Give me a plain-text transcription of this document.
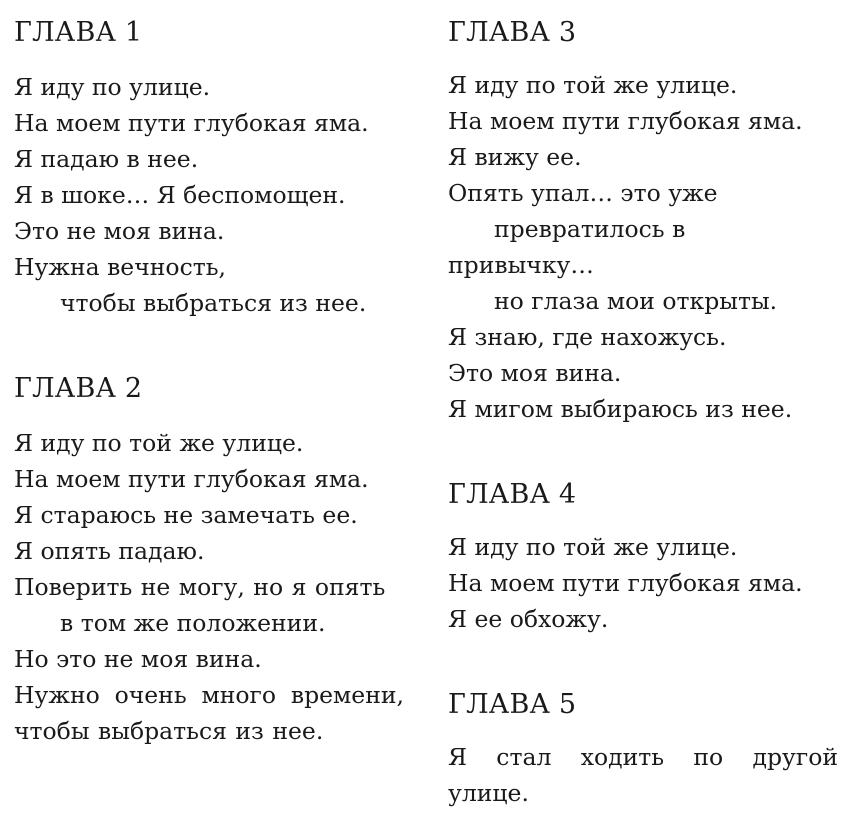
ГЛАВА 1

Я иду по улице.

На моем пути глубокая яма.

Я падаю в нее.

Я в шоке… Я беспомощен.

Это не моя вина.

Нужна вечность,

чтобы выбраться из нее.

ГЛАВА 2

Я иду по той же улице.

На моем пути глубокая яма.

Я стараюсь не замечать ее.

Я опять падаю.

Поверить не могу, но я опять

в том же положении.

Но это не моя вина.

Нужно очень много времени, чтобы выбраться из нее.

ГЛАВА 3

Я иду по той же улице.

На моем пути глубокая яма.

Я вижу ее.

Опять упал… это уже

превратилось в

привычку…

но глаза мои открыты.

Я знаю, где нахожусь.

Это моя вина.

Я мигом выбираюсь из нее.

ГЛАВА 4

Я иду по той же улице.

На моем пути глубокая яма.

Я ее обхожу.

ГЛАВА 5

Я стал ходить по другой улице.
